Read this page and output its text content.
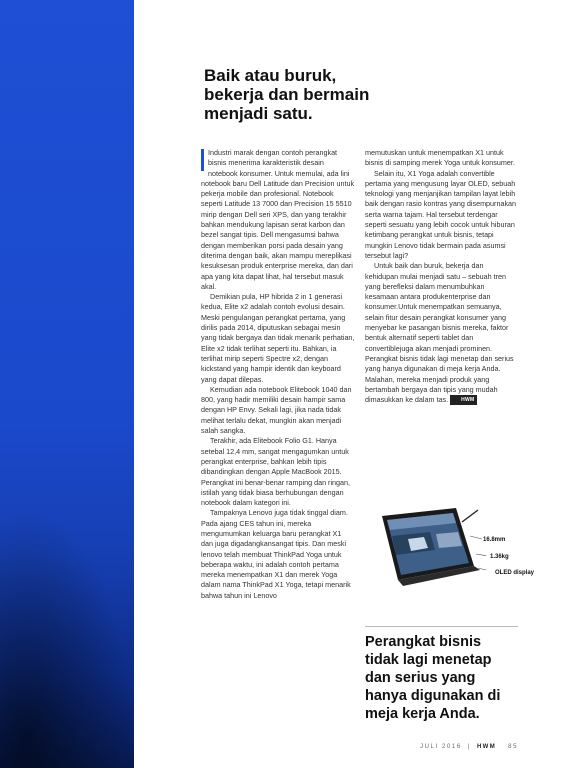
Baik atau buruk,
bekerja dan bermain
menjadi satu.

Industri marak dengan contoh perangkat bisnis menerima karakteristik desain notebook konsumer. Untuk memulai, ada lini notebook baru Dell Latitude dan Precision untuk pekerja mobile dan profesional. Notebook seperti Latitude 13 7000 dan Precision 15 5510 mirip dengan Dell seri XPS, dan yang terakhir bahkan mendukung lapisan serat karbon dan bezel sangat tipis. Dell mengasumsi bahwa dengan memberikan porsi pada desain yang diterima dengan baik, akan mampu mereplikasi kesuksesan produk enterprise mereka, dan dari apa yang kita dapat lihat, hal tersebut masuk akal.

Demikian pula, HP hibrida 2 in 1 generasi kedua, Elite x2 adalah contoh evolusi desain. Meski pengulangan perangkat pertama, yang dirilis pada 2014, diputuskan sebagai mesin yang tidak bergaya dan tidak menarik perhatian, Elite x2 tidak terlihat seperti itu. Bahkan, ia terlihat mirip seperti Spectre x2, dengan kickstand yang hampir identik dan keyboard yang dapat dilepas.

Kemudian ada notebook Elitebook 1040 dan 800, yang hadir memiliki desain hampir sama dengan HP Envy. Sekali lagi, jika nada tidak melihat terlalu dekat, mungkin akan menjadi salah sangka.

Terakhir, ada Elitebook Folio G1. Hanya setebal 12,4 mm, sangat mengagumkan untuk perangkat enterprise, bahkan lebih tipis dibandingkan dengan Apple MacBook 2015. Perangkat ini benar-benar ramping dan ringan, istilah yang tidak biasa berhubungan dengan notebook dalam kategori ini.

Tampaknya Lenovo juga tidak tinggal diam. Pada ajang CES tahun ini, mereka mengumumkan keluarga baru perangkat X1 dan juga digadangkansangat tipis. Dan meski lenovo telah membuat ThinkPad Yoga untuk beberapa waktu, ini adalah contoh pertama mereka menempatkan X1 dan merek Yoga dalam nama ThinkPad X1 Yoga, tetapi menarik bahwa tahun ini Lenovo

memutuskan untuk menempatkan X1 untuk bisnis di samping merek Yoga untuk konsumer.

Selain itu, X1 Yoga adalah convertible pertama yang mengusung layar OLED, sebuah teknologi yang menjanjikan tampilan layat lebih baik dengan rasio kontras yang disempurnakan serta warna tajam. Hal tersebut terdengar seperti sesuatu yang lebih cocok untuk hiburan ketimbang perangkat untuk bisnis, tetapi mungkin Lenovo tidak bermain pada asumsi tersebut lagi?

Untuk baik dan buruk, bekerja dan kehidupan mulai menjadi satu – sebuah tren yang berefleksi dalam menumbuhkan kesamaan antara produkenterprise dan konsumer.Untuk menempatkan semuanya, selain fitur desain perangkat konsumer yang menyebar ke pasangan bisnis mereka, faktor bentuk alternatif seperti tablet dan convertiblejuga akan menjadi prominen. Perangkat bisnis tidak lagi menetap dan serius yang hanya digunakan di meja kerja Anda. Malahan, mereka menjadi produk yang bertambah bergaya dan tipis yang mudah dimasukkan ke dalam tas.	HWM

16.8mm
1.36kg
OLED display

Perangkat bisnis
tidak lagi menetap
dan serius yang
hanya digunakan di
meja kerja Anda.

JULI 2016 | HWM 85
